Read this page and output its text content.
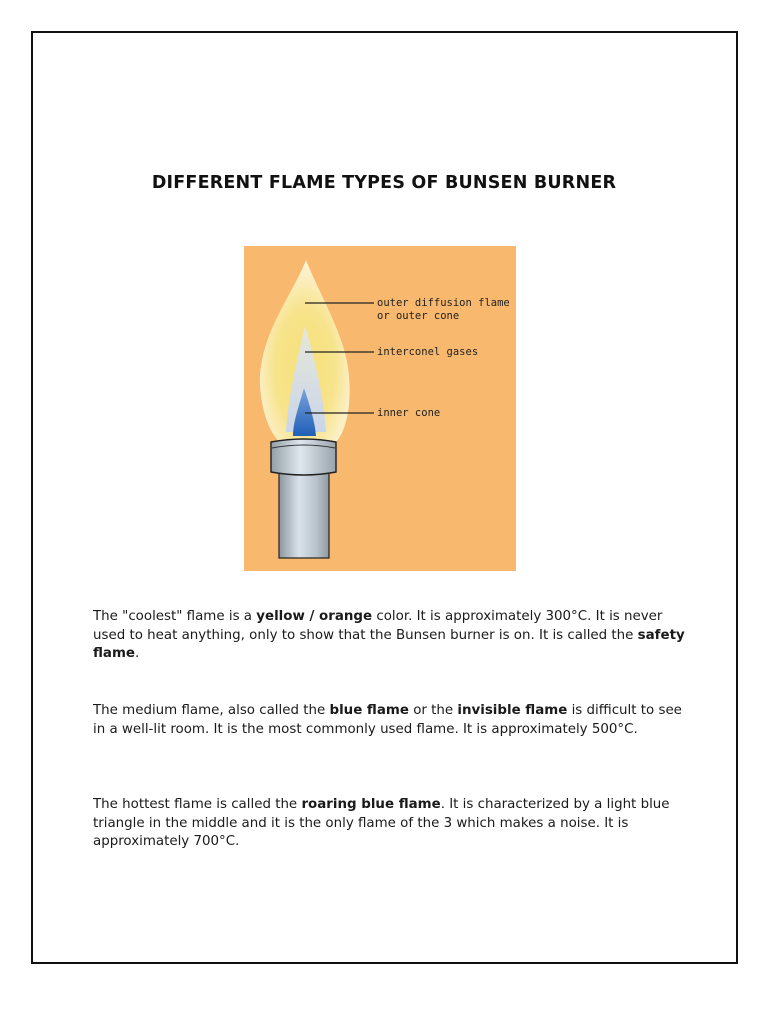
DIFFERENT FLAME TYPES OF BUNSEN BURNER
outer diffusion flame
or outer cone
interconel gases
inner cone
The "coolest" flame is a yellow / orange color. It is approximately 300°C. It is never used to heat anything, only to show that the Bunsen burner is on. It is called the safety flame.
The medium flame, also called the blue flame or the invisible flame is difficult to see in a well-lit room. It is the most commonly used flame. It is approximately 500°C.
The hottest flame is called the roaring blue flame. It is characterized by a light blue triangle in the middle and it is the only flame of the 3 which makes a noise. It is approximately 700°C.
